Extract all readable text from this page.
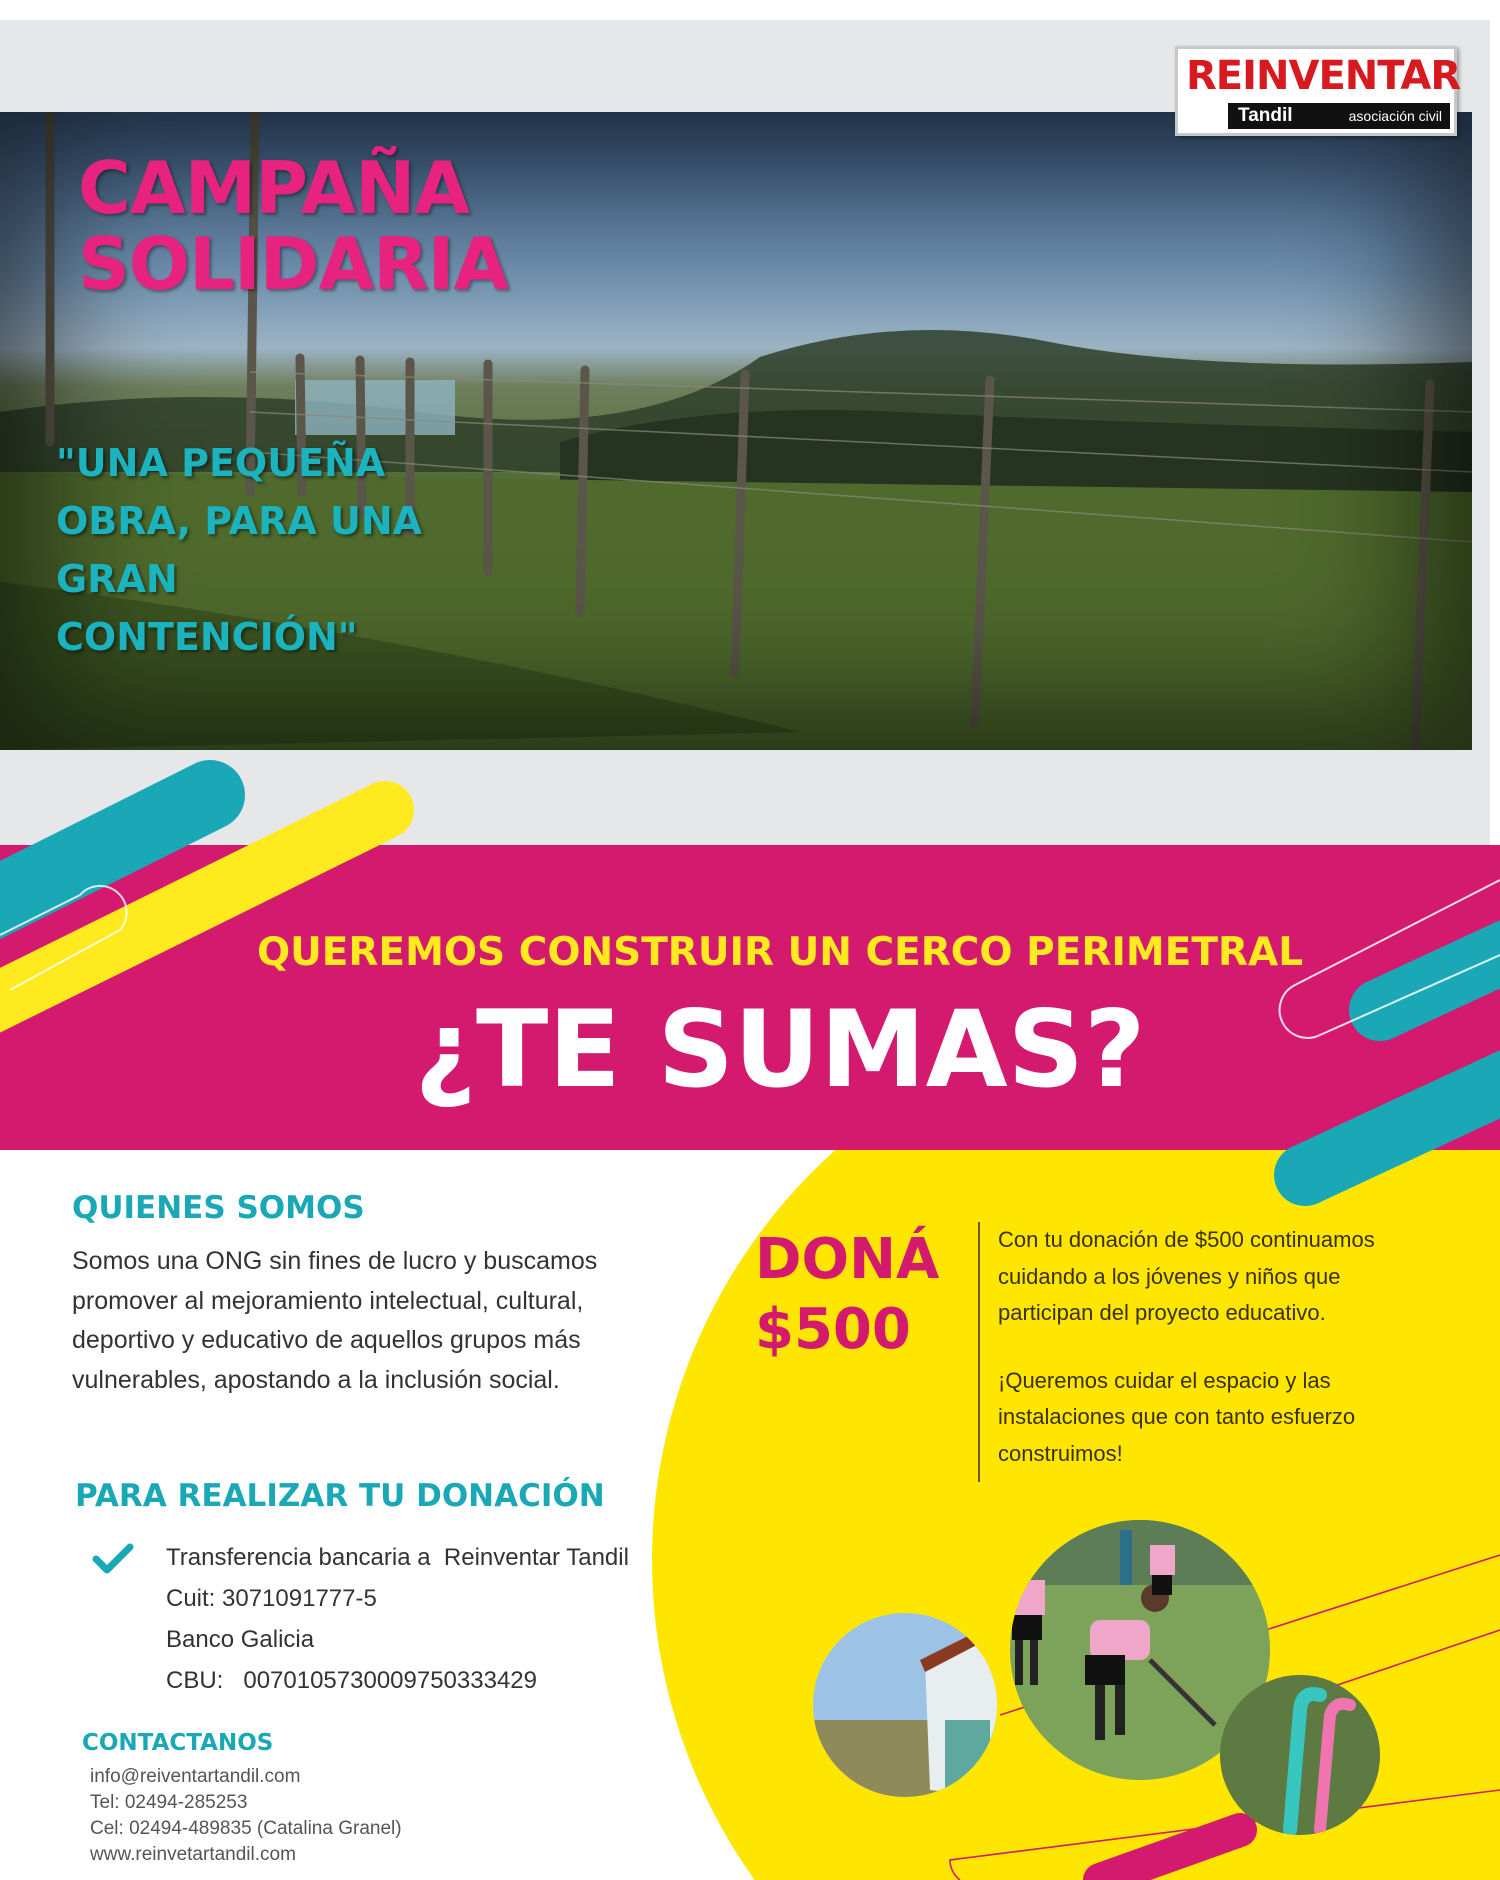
REINVENTAR
Tandil	asociación civil
CAMPAÑA
SOLIDARIA
"UNA PEQUEÑA
OBRA, PARA UNA
GRAN
CONTENCIÓN"
QUEREMOS CONSTRUIR UN CERCO PERIMETRAL
¿TE SUMAS?
QUIENES SOMOS
Somos una ONG sin fines de lucro y buscamos promover al mejoramiento intelectual, cultural, deportivo y educativo de aquellos grupos más vulnerables, apostando a la inclusión social.
PARA REALIZAR TU DONACIÓN
Transferencia bancaria a  Reinventar Tandil
Cuit: 3071091777-5
Banco Galicia
CBU:   0070105730009750333429
CONTACTANOS
info@reiventartandil.com
Tel: 02494-285253
Cel: 02494-489835 (Catalina Granel)
www.reinvetartandil.com
DONÁ
$500

Con tu donación de $500 continuamos cuidando a los jóvenes y niños que participan del proyecto educativo.

¡Queremos cuidar el espacio y las instalaciones que con tanto esfuerzo construimos!
